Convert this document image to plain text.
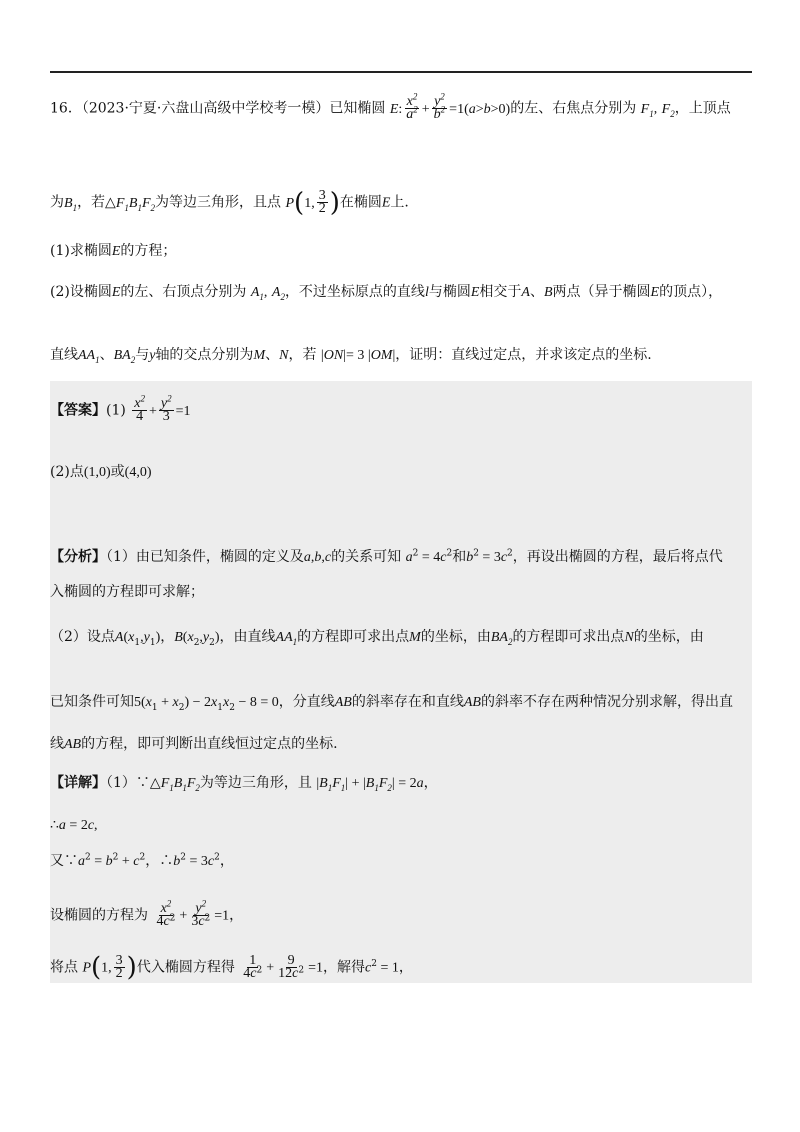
16．（2023·宁夏·六盘山高级中学校考一模）已知椭圆 E: $\frac{x^2}{a^2} + \frac{y^2}{b^2} =1(a>b>0)$的左、右焦点分别为 $F_1$, $F_2$，上顶点
为$B_1$，若$\triangle F_1B_1F_2$为等边三角形，且点 P(1, $\frac{3}{2}$ )在椭圆E上.
(1)求椭圆E的方程；
(2)设椭圆E的左、右顶点分别为 $A_1$, $A_2$，不过坐标原点的直线l与椭圆E相交于A、B两点（异于椭圆E的顶点），
直线$AA_1$、$BA_2$与y轴的交点分别为M、N，若 |ON|= 3 |OM|，证明：直线过定点，并求该定点的坐标.
【答案】$(1) \frac{x^2}{4} + \frac{y^2}{3} =1$
(2)点(1,0)或(4,0)
【分析】（1）由已知条件，椭圆的定义及a,b,c的关系可知 $a^2 = 4c^2$和$b^2 = 3c^2$，再设出椭圆的方程，最后将点代
入椭圆的方程即可求解；
（2）设点$A(x_1,y_1)$，$B(x_2,y_2)$，由直线$AA_1$的方程即可求出点M的坐标，由$BA_2$的方程即可求出点N的坐标，由
已知条件可知$5(x_1 + x_2) - 2x_1x_2 - 8 = 0$，分直线AB的斜率存在和直线AB的斜率不存在两种情况分别求解，得出直
线AB的方程，即可判断出直线恒过定点的坐标.
【详解】$(1)\because\triangle F_1B_1F_2$为等边三角形，且 $|B_1F_1| + |B_1F_2| = 2a$，
∴a = 2c,
又$\because a^2 = b^2 + c^2$，$\therefore b^2 = 3c^2$，
设椭圆的方程为 $\frac{x^2}{4c^2} + \frac{y^2}{3c^2} =1$，
将点 P(1, $\frac{3}{2}$ )代入椭圆方程得 $\frac{1}{4c^2} + \frac{9}{12c^2} =1$，解得$c^2 = 1$，
